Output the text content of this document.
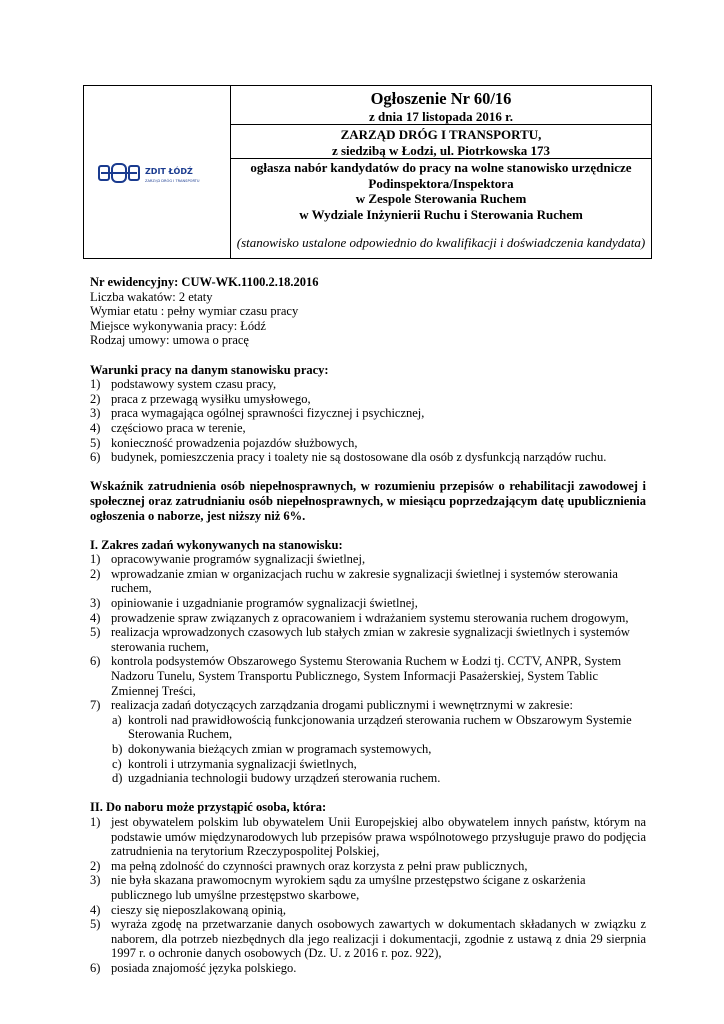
ZDIT ŁÓDŹ
ZARZĄD DRÓG I TRANSPORTU
Ogłoszenie Nr 60/16
z dnia 17 listopada 2016 r.
ZARZĄD DRÓG I TRANSPORTU,
z siedzibą w Łodzi, ul. Piotrkowska 173
ogłasza nabór kandydatów do pracy na wolne stanowisko urzędnicze
Podinspektora/Inspektora
w Zespole Sterowania Ruchem
w Wydziale Inżynierii Ruchu i Sterowania Ruchem
(stanowisko ustalone odpowiednio do kwalifikacji i doświadczenia kandydata)

Nr ewidencyjny: CUW-WK.1100.2.18.2016

Liczba wakatów: 2 etaty

Wymiar etatu : pełny wymiar czasu pracy

Miejsce wykonywania pracy: Łódź

Rodzaj umowy: umowa o pracę

Warunki pracy na danym stanowisku pracy:

1) podstawowy system czasu pracy,
2) praca z przewagą wysiłku umysłowego,
3) praca wymagająca ogólnej sprawności fizycznej i psychicznej,
4) częściowo praca w terenie,
5) konieczność prowadzenia pojazdów służbowych,
6) budynek, pomieszczenia pracy i toalety nie są dostosowane dla osób z dysfunkcją narządów ruchu.

Wskaźnik zatrudnienia osób niepełnosprawnych, w rozumieniu przepisów o rehabilitacji zawodowej i społecznej oraz zatrudnianiu osób niepełnosprawnych, w miesiącu poprzedzającym datę upublicznienia ogłoszenia o naborze, jest niższy niż 6%.

I. Zakres zadań wykonywanych na stanowisku:

1) opracowywanie programów sygnalizacji świetlnej,
2) wprowadzanie zmian w organizacjach ruchu w zakresie sygnalizacji świetlnej i systemów sterowania ruchem,
3) opiniowanie i uzgadnianie programów sygnalizacji świetlnej,
4) prowadzenie spraw związanych z opracowaniem i wdrażaniem systemu sterowania ruchem drogowym,
5) realizacja wprowadzonych czasowych lub stałych zmian w zakresie sygnalizacji świetlnych i systemów sterowania ruchem,
6) kontrola podsystemów Obszarowego Systemu Sterowania Ruchem w Łodzi tj. CCTV, ANPR, System Nadzoru Tunelu, System Transportu Publicznego, System Informacji Pasażerskiej, System Tablic Zmiennej Treści,
7) realizacja zadań dotyczących zarządzania drogami publicznymi i wewnętrznymi w zakresie:
a) kontroli nad prawidłowością funkcjonowania urządzeń sterowania ruchem w Obszarowym Systemie Sterowania Ruchem,
b) dokonywania bieżących zmian w programach systemowych,
c) kontroli i utrzymania sygnalizacji świetlnych,
d) uzgadniania technologii budowy urządzeń sterowania ruchem.

II. Do naboru może przystąpić osoba, która:

1) jest obywatelem polskim lub obywatelem Unii Europejskiej albo obywatelem innych państw, którym na podstawie umów międzynarodowych lub przepisów prawa wspólnotowego przysługuje prawo do podjęcia zatrudnienia na terytorium Rzeczypospolitej Polskiej,
2) ma pełną zdolność do czynności prawnych oraz korzysta z pełni praw publicznych,
3) nie była skazana prawomocnym wyrokiem sądu za umyślne przestępstwo ścigane z oskarżenia publicznego lub umyślne przestępstwo skarbowe,
4) cieszy się nieposzlakowaną opinią,
5) wyraża zgodę na przetwarzanie danych osobowych zawartych w dokumentach składanych w związku z naborem, dla potrzeb niezbędnych dla jego realizacji i dokumentacji, zgodnie z ustawą z dnia 29 sierpnia 1997 r. o ochronie danych osobowych (Dz. U. z 2016 r. poz. 922),
6) posiada znajomość języka polskiego.
